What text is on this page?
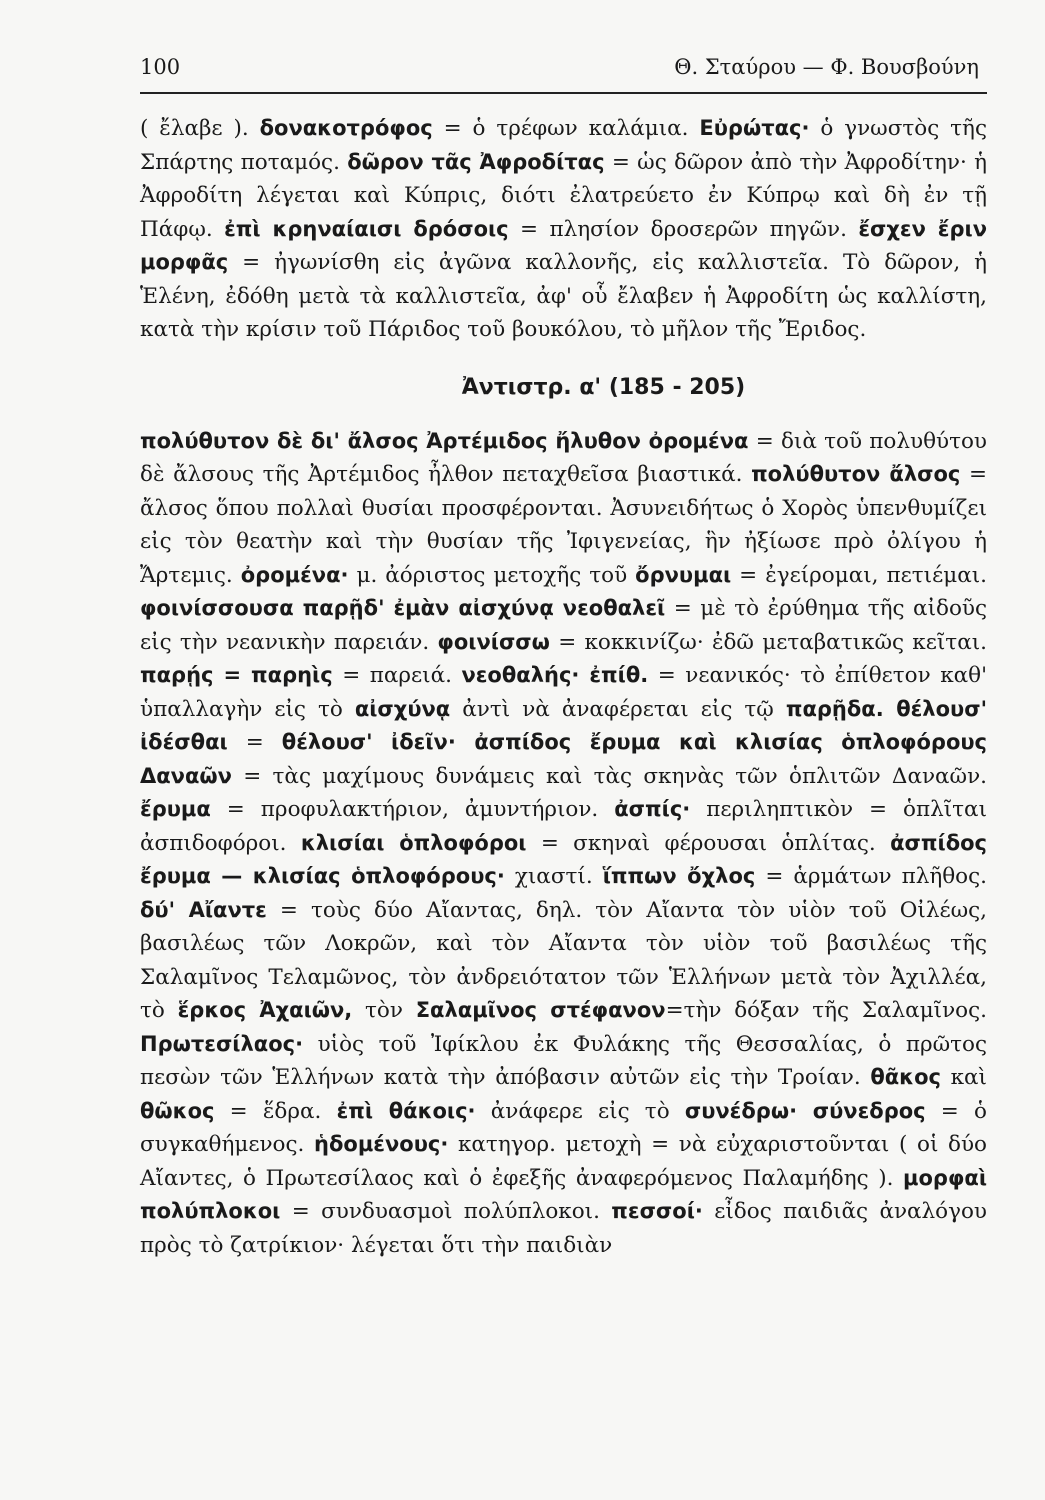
100	Θ. Σταύρου — Φ. Βουσβούνη

( ἔλαβε ). δονακοτρόφος = ὁ τρέφων καλάμια. Εὐρώτας· ὁ γνωστὸς τῆς Σπάρτης ποταμός. δῶρον τᾶς Ἀφροδίτας = ὡς δῶρον ἀπὸ τὴν Ἀφροδίτην· ἡ Ἀφροδίτη λέγεται καὶ Κύπρις, διότι ἐλατρεύετο ἐν Κύπρῳ καὶ δὴ ἐν τῇ Πάφῳ. ἐπὶ κρηναίαισι δρόσοις = πλησίον δροσερῶν πηγῶν. ἔσχεν ἔριν μορφᾶς = ἠγωνίσθη εἰς ἀγῶνα καλλονῆς, εἰς καλλιστεῖα. Τὸ δῶρον, ἡ Ἑλένη, ἐδόθη μετὰ τὰ καλλιστεῖα, ἀφ' οὗ ἔλαβεν ἡ Ἀφροδίτη ὡς καλλίστη, κατὰ τὴν κρίσιν τοῦ Πάριδος τοῦ βουκόλου, τὸ μῆλον τῆς Ἔριδος.

Ἀντιστρ. α' (185 - 205)

πολύθυτον δὲ δι' ἄλσος Ἀρτέμιδος ἤλυθον ὀρομένα = διὰ τοῦ πολυθύτου δὲ ἄλσους τῆς Ἀρτέμιδος ἦλθον πεταχθεῖσα βιαστικά. πολύθυτον ἄλσος = ἄλσος ὅπου πολλαὶ θυσίαι προσφέρονται. Ἀσυνειδήτως ὁ Χορὸς ὑπενθυμίζει εἰς τὸν θεατὴν καὶ τὴν θυσίαν τῆς Ἰφιγενείας, ἣν ἠξίωσε πρὸ ὀλίγου ἡ Ἄρτεμις. ὀρομένα· μ. ἀόριστος μετοχῆς τοῦ ὄρνυμαι = ἐγείρομαι, πετιέμαι. φοινίσσουσα παρῇδ' ἐμὰν αἰσχύνᾳ νεοθαλεῖ = μὲ τὸ ἐρύθημα τῆς αἰδοῦς εἰς τὴν νεανικὴν παρειάν. φοινίσσω = κοκκινίζω· ἐδῶ μεταβατικῶς κεῖται. παρῄς = παρηὶς = παρειά. νεοθαλής· ἐπίθ. = νεανικός· τὸ ἐπίθετον καθ' ὑπαλλαγὴν εἰς τὸ αἰσχύνᾳ ἀντὶ νὰ ἀναφέρεται εἰς τῷ παρῇδα. θέλουσ' ἰδέσθαι = θέλουσ' ἰδεῖν· ἀσπίδος ἔρυμα καὶ κλισίας ὁπλοφόρους Δαναῶν = τὰς μαχίμους δυνάμεις καὶ τὰς σκηνὰς τῶν ὁπλιτῶν Δαναῶν. ἔρυμα = προφυλακτήριον, ἀμυντήριον. ἀσπίς· περιληπτικὸν = ὁπλῖται ἀσπιδοφόροι. κλισίαι ὁπλοφόροι = σκηναὶ φέρουσαι ὁπλίτας. ἀσπίδος ἔρυμα — κλισίας ὁπλοφόρους· χιαστί. ἵππων ὄχλος = ἁρμάτων πλῆθος. δύ' Αἴαντε = τοὺς δύο Αἴαντας, δηλ. τὸν Αἴαντα τὸν υἱὸν τοῦ Οἰλέως, βασιλέως τῶν Λοκρῶν, καὶ τὸν Αἴαντα τὸν υἱὸν τοῦ βασιλέως τῆς Σαλαμῖνος Τελαμῶνος, τὸν ἀνδρειότατον τῶν Ἑλλήνων μετὰ τὸν Ἀχιλλέα, τὸ ἕρκος Ἀχαιῶν, τὸν Σαλαμῖνος στέφανον=τὴν δόξαν τῆς Σαλαμῖνος. Πρωτεσίλαος· υἱὸς τοῦ Ἰφίκλου ἐκ Φυλάκης τῆς Θεσσαλίας, ὁ πρῶτος πεσὼν τῶν Ἑλλήνων κατὰ τὴν ἀπόβασιν αὐτῶν εἰς τὴν Τροίαν. θᾶκος καὶ θῶκος = ἕδρα. ἐπὶ θάκοις· ἀνάφερε εἰς τὸ συνέδρω· σύνεδρος = ὁ συγκαθήμενος. ἡδομένους· κατηγορ. μετοχὴ = νὰ εὐχαριστοῦνται ( οἱ δύο Αἴαντες, ὁ Πρωτεσίλαος καὶ ὁ ἐφεξῆς ἀναφερόμενος Παλαμήδης ). μορφαὶ πολύπλοκοι = συνδυασμοὶ πολύπλοκοι. πεσσοί· εἶδος παιδιᾶς ἀναλόγου πρὸς τὸ ζατρίκιον· λέγεται ὅτι τὴν παιδιὰν
